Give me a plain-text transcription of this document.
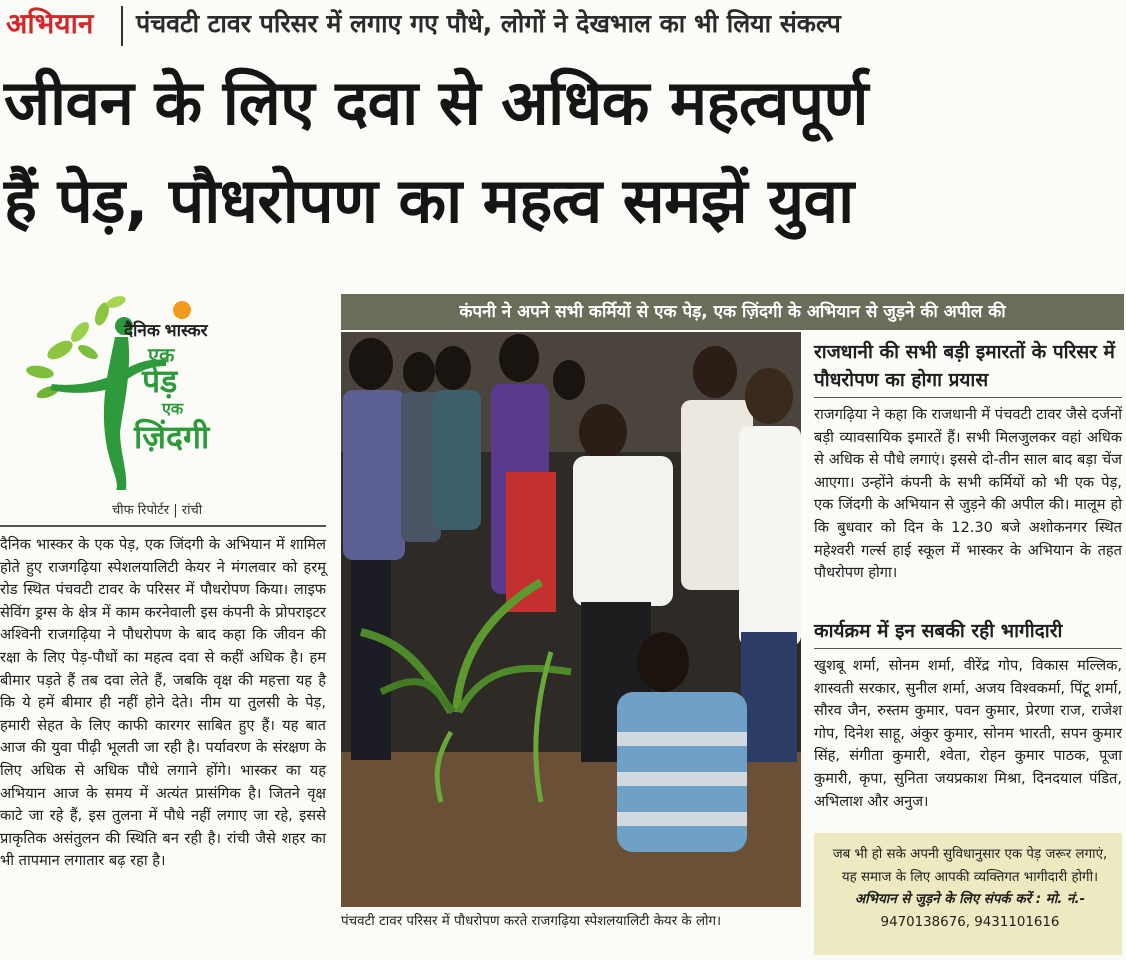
अभियान पंचवटी टावर परिसर में लगाए गए पौधे, लोगों ने देखभाल का भी लिया संकल्प
जीवन के लिए दवा से अधिक महत्वपूर्ण
हैं पेड़, पौधरोपण का महत्व समझें युवा
दैनिक भास्कर
एक
पेड़
एक
ज़िंदगी
चीफ रिपोर्टर | रांची
दैनिक भास्कर के एक पेड़, एक जिंदगी के अभियान में शामिल होते हुए राजगढ़िया स्पेशलयालिटी केयर ने मंगलवार को हरमू रोड स्थित पंचवटी टावर के परिसर में पौधरोपण किया। लाइफ सेविंग ड्रग्स के क्षेत्र में काम करनेवाली इस कंपनी के प्रोपराइटर अश्विनी राजगढ़िया ने पौधरोपण के बाद कहा कि जीवन की रक्षा के लिए पेड़-पौधों का महत्व दवा से कहीं अधिक है। हम बीमार पड़ते हैं तब दवा लेते हैं, जबकि वृक्ष की महत्ता यह है कि ये हमें बीमार ही नहीं होने देते। नीम या तुलसी के पेड़, हमारी सेहत के लिए काफी कारगर साबित हुए हैं। यह बात आज की युवा पीढ़ी भूलती जा रही है। पर्यावरण के संरक्षण के लिए अधिक से अधिक पौधे लगाने होंगे। भास्कर का यह अभियान आज के समय में अत्यंत प्रासंगिक है। जितने वृक्ष काटे जा रहे हैं, इस तुलना में पौधे नहीं लगाए जा रहे, इससे प्राकृतिक असंतुलन की स्थिति बन रही है। रांची जैसे शहर का भी तापमान लगातार बढ़ रहा है।
कंपनी ने अपने सभी कर्मियों से एक पेड़, एक ज़िंदगी के अभियान से जुड़ने की अपील की
पंचवटी टावर परिसर में पौधरोपण करते राजगढ़िया स्पेशलयालिटी केयर के लोग।
राजधानी की सभी बड़ी इमारतों के परिसर में पौधरोपण का होगा प्रयास
राजगढ़िया ने कहा कि राजधानी में पंचवटी टावर जैसे दर्जनों बड़ी व्यावसायिक इमारतें हैं। सभी मिलजुलकर वहां अधिक से अधिक से पौधे लगाएं। इससे दो-तीन साल बाद बड़ा चेंज आएगा। उन्होंने कंपनी के सभी कर्मियों को भी एक पेड़, एक जिंदगी के अभियान से जुड़ने की अपील की। मालूम हो कि बुधवार को दिन के 12.30 बजे अशोकनगर स्थित महेश्वरी गर्ल्स हाई स्कूल में भास्कर के अभियान के तहत पौधरोपण होगा।
कार्यक्रम में इन सबकी रही भागीदारी
खुशबू शर्मा, सोनम शर्मा, वीरेंद्र गोप, विकास मल्लिक, शास्वती सरकार, सुनील शर्मा, अजय विश्वकर्मा, पिंटू शर्मा, सौरव जैन, रुस्तम कुमार, पवन कुमार, प्रेरणा राज, राजेश गोप, दिनेश साहू, अंकुर कुमार, सोनम भारती, सपन कुमार सिंह, संगीता कुमारी, श्वेता, रोहन कुमार पाठक, पूजा कुमारी, कृपा, सुनिता जयप्रकाश मिश्रा, दिनदयाल पंडित, अभिलाश और अनुज।
जब भी हो सके अपनी सुविधानुसार एक पेड़ जरूर लगाएं, यह समाज के लिए आपकी व्यक्तिगत भागीदारी होगी। अभियान से जुड़ने के लिए संपर्क करें : मो. नं.- 9470138676, 9431101616
